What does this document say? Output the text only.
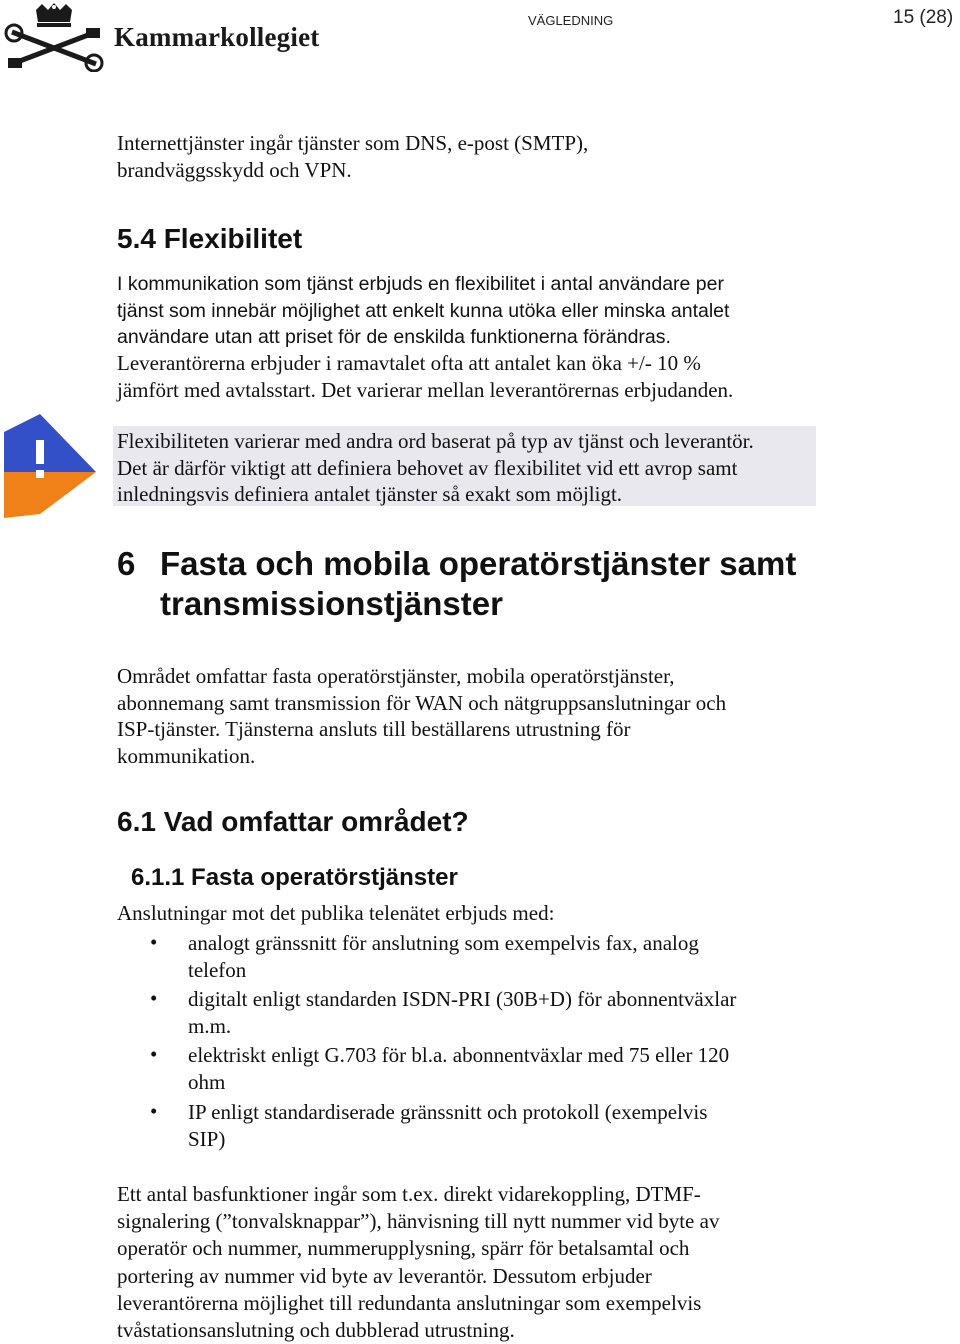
Kammarkollegiet
VÄGLEDNING	15 (28)
Internettjänster ingår tjänster som DNS, e-post (SMTP),
brandväggsskydd och VPN.
5.4 Flexibilitet
I kommunikation som tjänst erbjuds en flexibilitet i antal användare per
tjänst som innebär möjlighet att enkelt kunna utöka eller minska antalet
användare utan att priset för de enskilda funktionerna förändras.
Leverantörerna erbjuder i ramavtalet ofta att antalet kan öka +/- 10 %
jämfört med avtalsstart. Det varierar mellan leverantörernas erbjudanden.
Flexibiliteten varierar med andra ord baserat på typ av tjänst och leverantör.
Det är därför viktigt att definiera behovet av flexibilitet vid ett avrop samt
inledningsvis definiera antalet tjänster så exakt som möjligt.
6 Fasta och mobila operatörstjänster samt
transmissionstjänster
Området omfattar fasta operatörstjänster, mobila operatörstjänster,
abonnemang samt transmission för WAN och nätgruppsanslutningar och
ISP-tjänster. Tjänsterna ansluts till beställarens utrustning för
kommunikation.
6.1 Vad omfattar området?
6.1.1 Fasta operatörstjänster
Anslutningar mot det publika telenätet erbjuds med:
• analogt gränssnitt för anslutning som exempelvis fax, analog
telefon
• digitalt enligt standarden ISDN-PRI (30B+D) för abonnentväxlar
m.m.
• elektriskt enligt G.703 för bl.a. abonnentväxlar med 75 eller 120
ohm
• IP enligt standardiserade gränssnitt och protokoll (exempelvis
SIP)
Ett antal basfunktioner ingår som t.ex. direkt vidarekoppling, DTMF-
signalering (”tonvalsknappar”), hänvisning till nytt nummer vid byte av
operatör och nummer, nummerupplysning, spärr för betalsamtal och
portering av nummer vid byte av leverantör. Dessutom erbjuder
leverantörerna möjlighet till redundanta anslutningar som exempelvis
tvåstationsanslutning och dubblerad utrustning.
